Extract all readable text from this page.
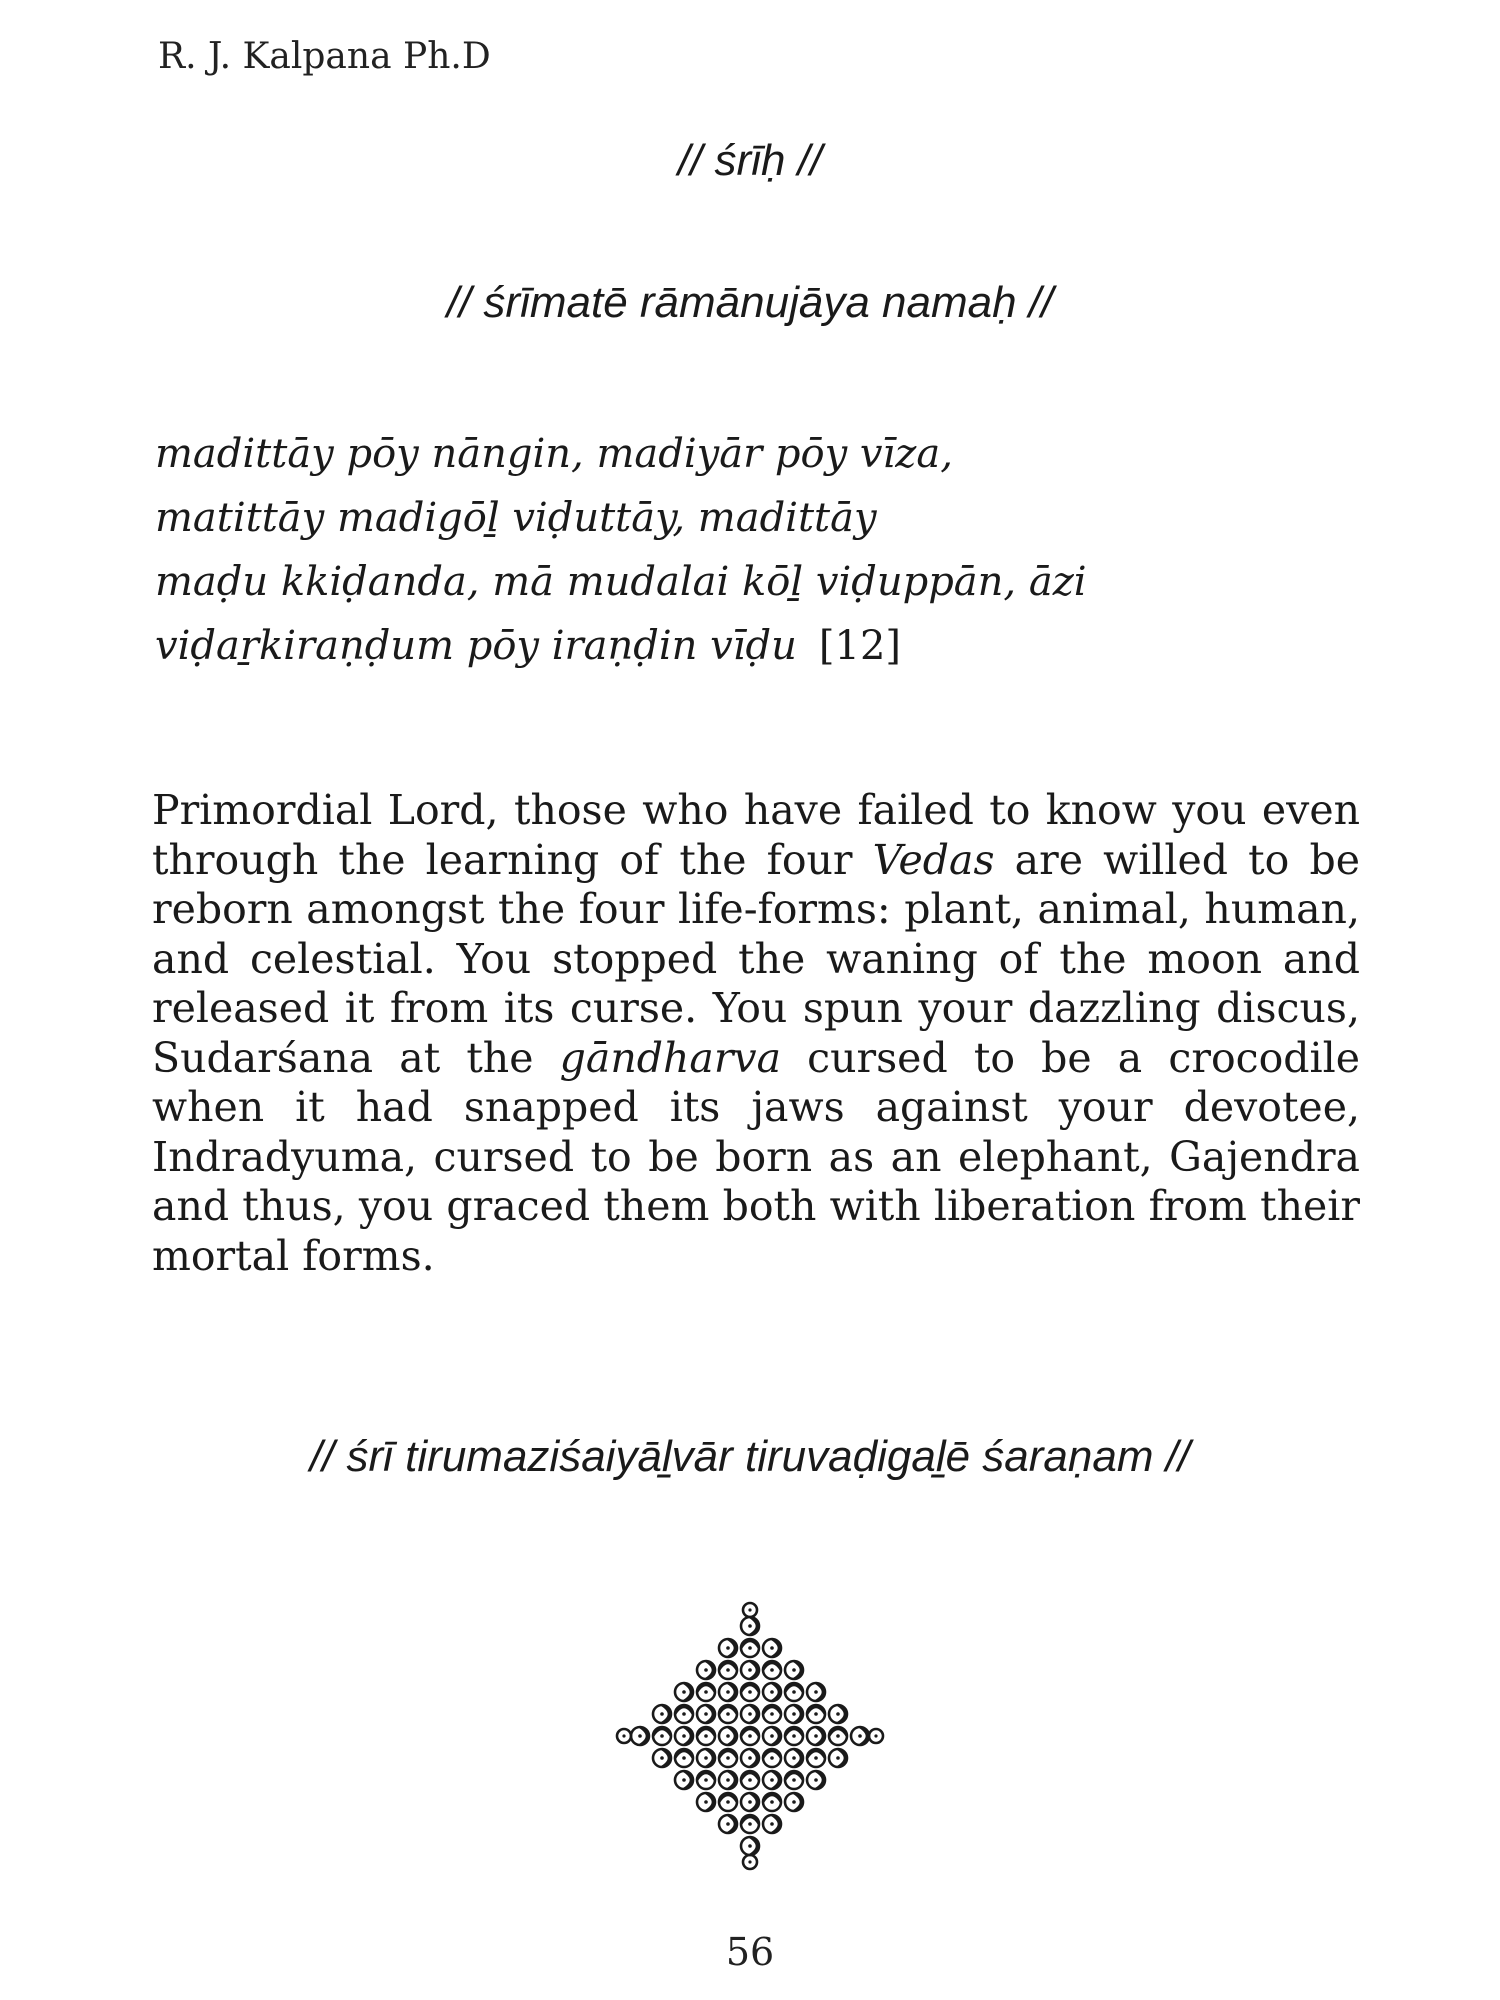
R. J. Kalpana Ph.D
// śrīḥ //
// śrīmatē rāmānujāya namaḥ //
madittāy pōy nāngin, madiyār pōy vīza,
matittāy madigōḻ viḍuttāy, madittāy
maḍu kkiḍanda, mā mudalai kōḻ viḍuppān, āzi
viḍaṟkiraṇḍum pōy iraṇḍin vīḍu [12]
Primordial Lord, those who have failed to know you even through the learning of the four Vedas are willed to be reborn amongst the four life-forms: plant, animal, human, and celestial. You stopped the waning of the moon and released it from its curse. You spun your dazzling discus, Sudarśana at the gāndharva cursed to be a crocodile when it had snapped its jaws against your devotee, Indradyuma, cursed to be born as an elephant, Gajendra and thus, you graced them both with liberation from their mortal forms.
// śrī tirumaziśaiyāḻvār tiruvaḍigaḻē śaraṇam //
56
